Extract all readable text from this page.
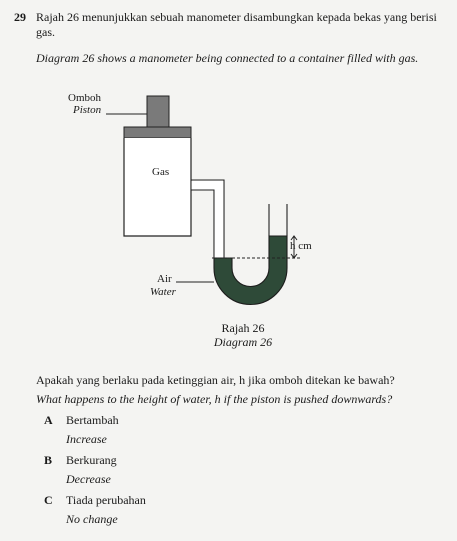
29 Rajah 26 menunjukkan sebuah manometer disambungkan kepada bekas yang berisi gas.
Diagram 26 shows a manometer being connected to a container filled with gas.
Omboh
Piston
Gas
h cm
Air
Water
Rajah 26
Diagram 26
Apakah yang berlaku pada ketinggian air, h jika omboh ditekan ke bawah?
What happens to the height of water, h if the piston is pushed downwards?
A Bertambah
Increase
B Berkurang
Decrease
C Tiada perubahan
No change
